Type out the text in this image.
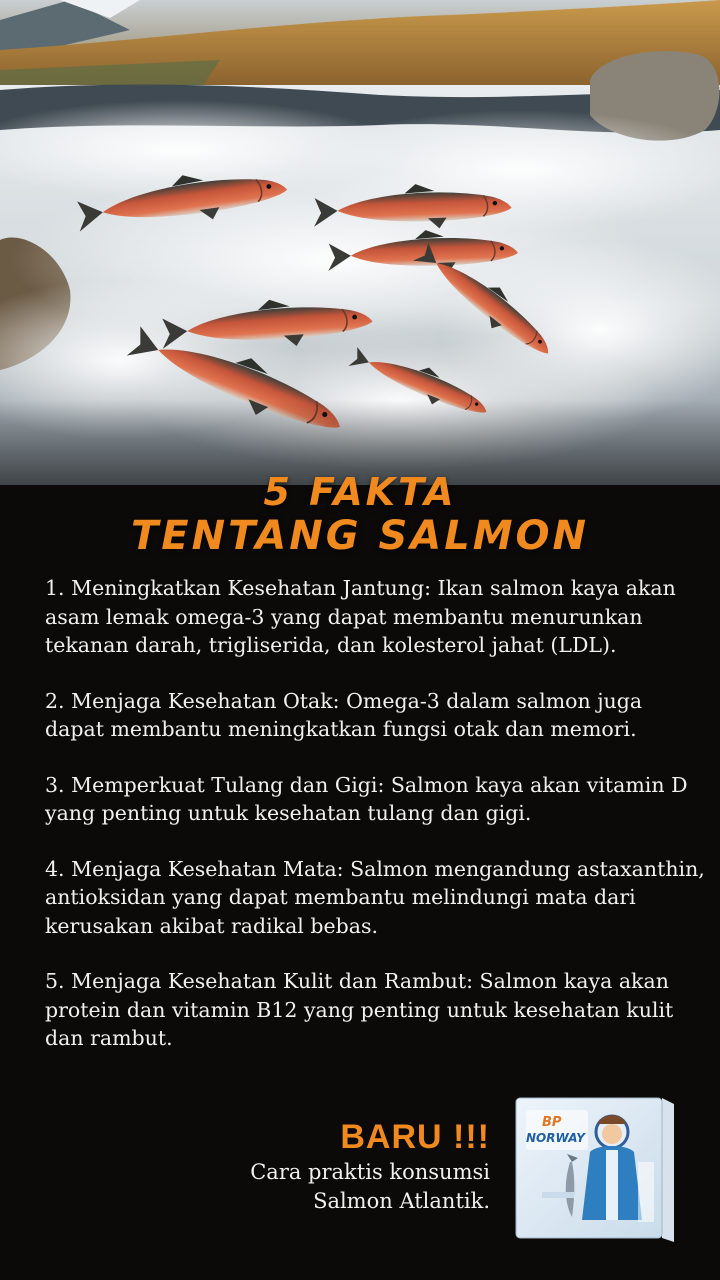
5 FAKTA
TENTANG SALMON

1. Meningkatkan Kesehatan Jantung: Ikan salmon kaya akan asam lemak omega-3 yang dapat membantu menurunkan tekanan darah, trigliserida, dan kolesterol jahat (LDL).

2. Menjaga Kesehatan Otak: Omega-3 dalam salmon juga dapat membantu meningkatkan fungsi otak dan memori.

3. Memperkuat Tulang dan Gigi: Salmon kaya akan vitamin D yang penting untuk kesehatan tulang dan gigi.

4. Menjaga Kesehatan Mata: Salmon mengandung astaxanthin, antioksidan yang dapat membantu melindungi mata dari kerusakan akibat radikal bebas.

5. Menjaga Kesehatan Kulit dan Rambut: Salmon kaya akan protein dan vitamin B12 yang penting untuk kesehatan kulit dan rambut.

BARU !!!
Cara praktis konsumsi
Salmon Atlantik.
BP
NORWAY
